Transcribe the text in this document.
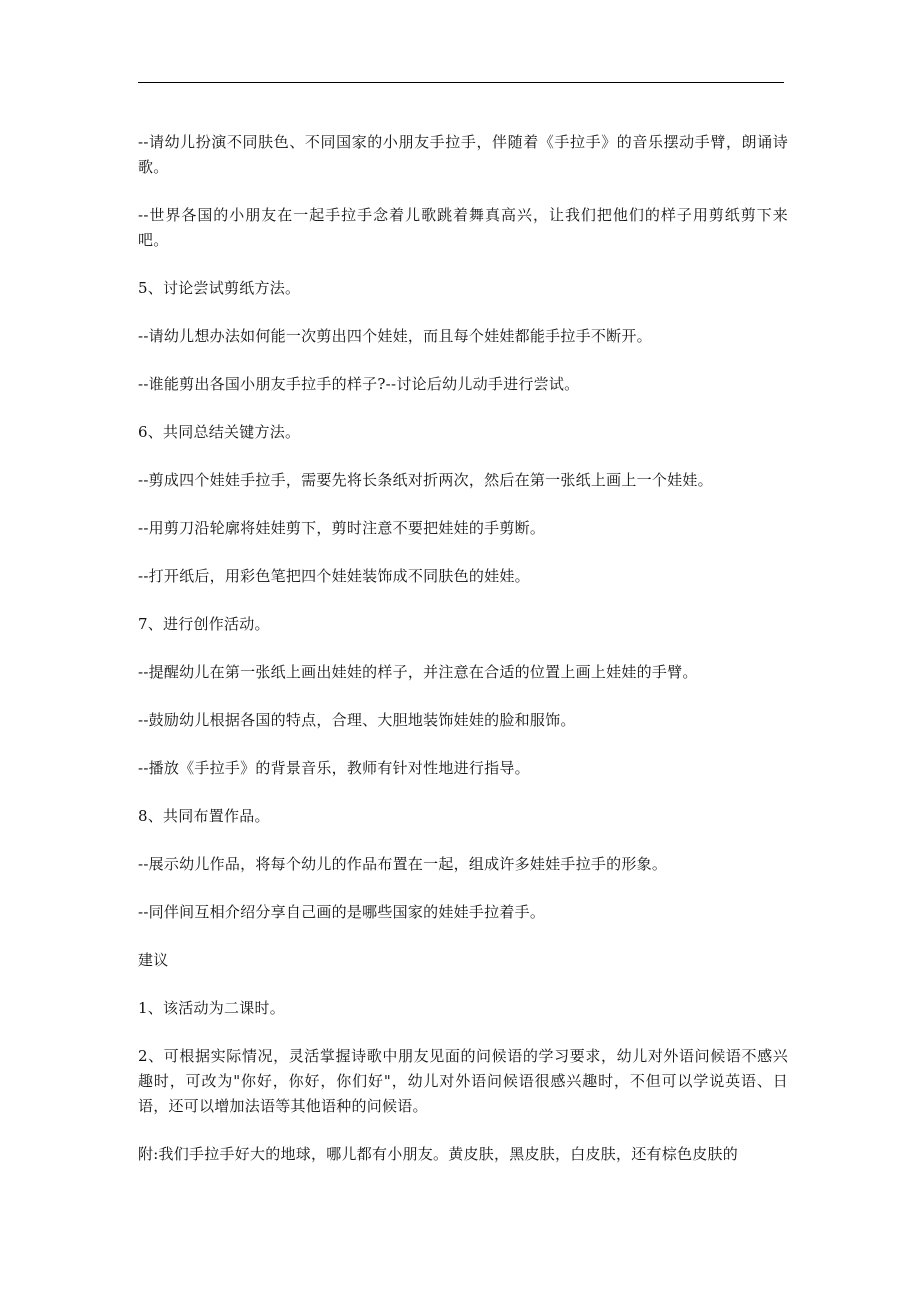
--请幼儿扮演不同肤色、不同国家的小朋友手拉手，伴随着《手拉手》的音乐摆动手臂，朗诵诗歌。

--世界各国的小朋友在一起手拉手念着儿歌跳着舞真高兴，让我们把他们的样子用剪纸剪下来吧。

5、讨论尝试剪纸方法。

--请幼儿想办法如何能一次剪出四个娃娃，而且每个娃娃都能手拉手不断开。

--谁能剪出各国小朋友手拉手的样子?--讨论后幼儿动手进行尝试。

6、共同总结关键方法。

--剪成四个娃娃手拉手，需要先将长条纸对折两次，然后在第一张纸上画上一个娃娃。

--用剪刀沿轮廓将娃娃剪下，剪时注意不要把娃娃的手剪断。

--打开纸后，用彩色笔把四个娃娃装饰成不同肤色的娃娃。

7、进行创作活动。

--提醒幼儿在第一张纸上画出娃娃的样子，并注意在合适的位置上画上娃娃的手臂。

--鼓励幼儿根据各国的特点，合理、大胆地装饰娃娃的脸和服饰。

--播放《手拉手》的背景音乐，教师有针对性地进行指导。

8、共同布置作品。

--展示幼儿作品，将每个幼儿的作品布置在一起，组成许多娃娃手拉手的形象。

--同伴间互相介绍分享自己画的是哪些国家的娃娃手拉着手。

建议

1、该活动为二课时。

2、可根据实际情况，灵活掌握诗歌中朋友见面的问候语的学习要求，幼儿对外语问候语不感兴趣时，可改为"你好，你好，你们好"，幼儿对外语问候语很感兴趣时，不但可以学说英语、日语，还可以增加法语等其他语种的问候语。

附:我们手拉手好大的地球，哪儿都有小朋友。黄皮肤，黑皮肤，白皮肤，还有棕色皮肤的
